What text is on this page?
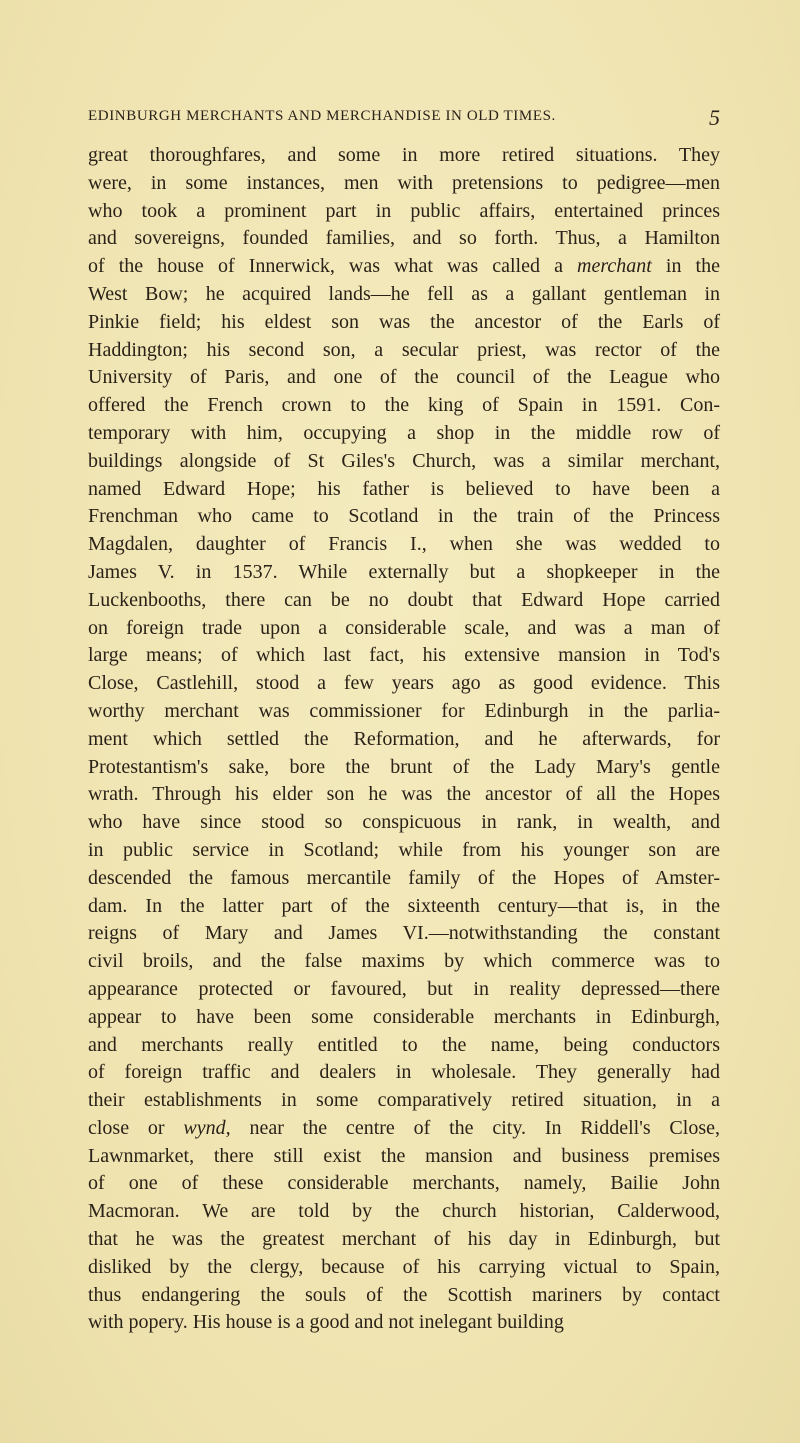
EDINBURGH MERCHANTS AND MERCHANDISE IN OLD TIMES.	5
great thoroughfares, and some in more retired situations. They
were, in some instances, men with pretensions to pedigree—men
who took a prominent part in public affairs, entertained princes
and sovereigns, founded families, and so forth. Thus, a Hamilton
of the house of Innerwick, was what was called a merchant in the
West Bow; he acquired lands—he fell as a gallant gentleman in
Pinkie field; his eldest son was the ancestor of the Earls of
Haddington; his second son, a secular priest, was rector of the
University of Paris, and one of the council of the League who
offered the French crown to the king of Spain in 1591. Con-
temporary with him, occupying a shop in the middle row of
buildings alongside of St Giles's Church, was a similar merchant,
named Edward Hope; his father is believed to have been a
Frenchman who came to Scotland in the train of the Princess
Magdalen, daughter of Francis I., when she was wedded to
James V. in 1537. While externally but a shopkeeper in the
Luckenbooths, there can be no doubt that Edward Hope carried
on foreign trade upon a considerable scale, and was a man of
large means; of which last fact, his extensive mansion in Tod's
Close, Castlehill, stood a few years ago as good evidence. This
worthy merchant was commissioner for Edinburgh in the parlia-
ment which settled the Reformation, and he afterwards, for
Protestantism's sake, bore the brunt of the Lady Mary's gentle
wrath. Through his elder son he was the ancestor of all the Hopes
who have since stood so conspicuous in rank, in wealth, and
in public service in Scotland; while from his younger son are
descended the famous mercantile family of the Hopes of Amster-
dam. In the latter part of the sixteenth century—that is, in the
reigns of Mary and James VI.—notwithstanding the constant
civil broils, and the false maxims by which commerce was to
appearance protected or favoured, but in reality depressed—there
appear to have been some considerable merchants in Edinburgh,
and merchants really entitled to the name, being conductors
of foreign traffic and dealers in wholesale. They generally had
their establishments in some comparatively retired situation, in a
close or wynd, near the centre of the city. In Riddell's Close,
Lawnmarket, there still exist the mansion and business premises
of one of these considerable merchants, namely, Bailie John
Macmoran. We are told by the church historian, Calderwood,
that he was the greatest merchant of his day in Edinburgh, but
disliked by the clergy, because of his carrying victual to Spain,
thus endangering the souls of the Scottish mariners by contact
with popery. His house is a good and not inelegant building
